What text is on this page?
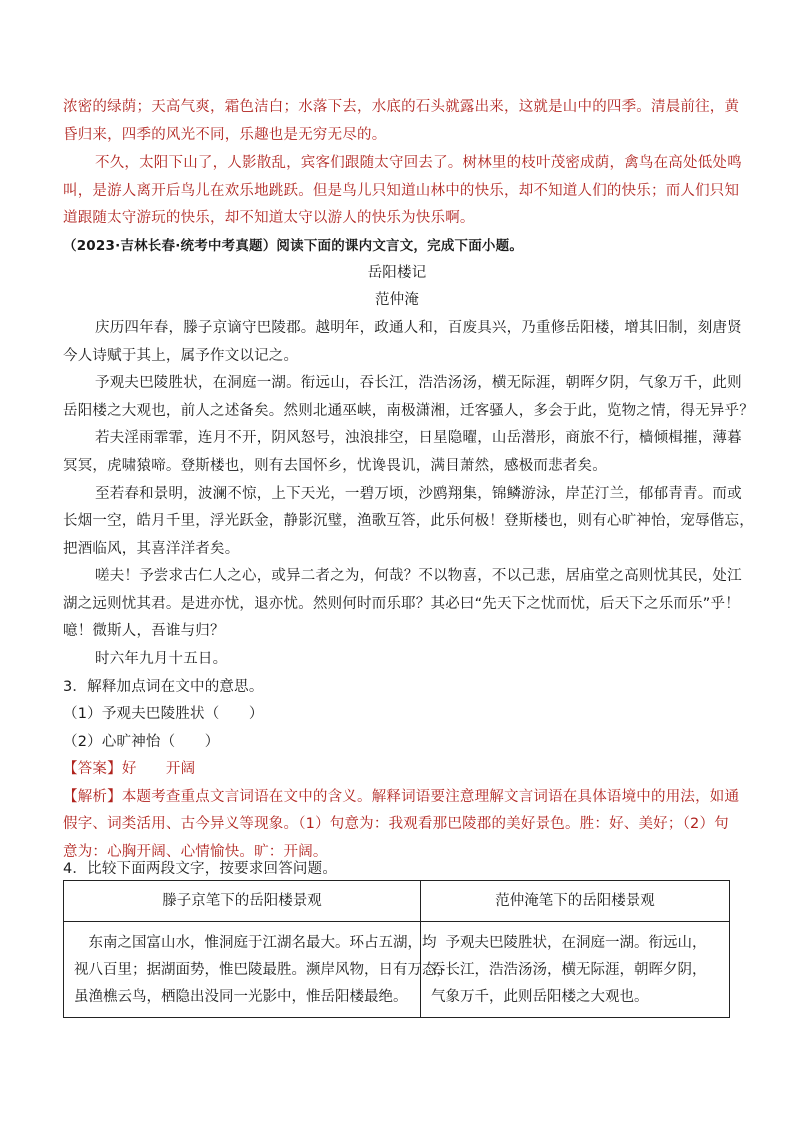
浓密的绿荫；天高气爽，霜色洁白；水落下去，水底的石头就露出来，这就是山中的四季。清晨前往，黄
昏归来，四季的风光不同，乐趣也是无穷无尽的。
不久，太阳下山了，人影散乱，宾客们跟随太守回去了。树林里的枝叶茂密成荫，禽鸟在高处低处鸣
叫，是游人离开后鸟儿在欢乐地跳跃。但是鸟儿只知道山林中的快乐，却不知道人们的快乐；而人们只知
道跟随太守游玩的快乐，却不知道太守以游人的快乐为快乐啊。
（2023·吉林长春·统考中考真题）阅读下面的课内文言文，完成下面小题。
岳阳楼记
范仲淹
庆历四年春，滕子京谪守巴陵郡。越明年，政通人和，百废具兴，乃重修岳阳楼，增其旧制，刻唐贤
今人诗赋于其上，属予作文以记之。
予观夫巴陵胜状，在洞庭一湖。衔远山，吞长江，浩浩汤汤，横无际涯，朝晖夕阴，气象万千，此则
岳阳楼之大观也，前人之述备矣。然则北通巫峡，南极潇湘，迁客骚人，多会于此，览物之情，得无异乎？
若夫淫雨霏霏，连月不开，阴风怒号，浊浪排空，日星隐曜，山岳潜形，商旅不行，樯倾楫摧，薄暮
冥冥，虎啸猿啼。登斯楼也，则有去国怀乡，忧谗畏讥，满目萧然，感极而悲者矣。
至若春和景明，波澜不惊，上下天光，一碧万顷，沙鸥翔集，锦鳞游泳，岸芷汀兰，郁郁青青。而或
长烟一空，皓月千里，浮光跃金，静影沉璧，渔歌互答，此乐何极！登斯楼也，则有心旷神怡，宠辱偕忘，
把酒临风，其喜洋洋者矣。
嗟夫！予尝求古仁人之心，或异二者之为，何哉？不以物喜，不以己悲，居庙堂之高则忧其民，处江
湖之远则忧其君。是进亦忧，退亦忧。然则何时而乐耶？其必曰“先天下之忧而忧，后天下之乐而乐”乎！
噫！微斯人，吾谁与归？
时六年九月十五日。
3．解释加点词在文中的意思。
（1）予观夫巴陵胜状（　　）
（2）心旷神怡（　　）
【答案】好　　开阔
【解析】本题考查重点文言词语在文中的含义。解释词语要注意理解文言词语在具体语境中的用法，如通
假字、词类活用、古今异义等现象。（1）句意为：我观看那巴陵郡的美好景色。胜：好、美好；（2）句
意为：心胸开阔、心情愉快。旷：开阔。
4．比较下面两段文字，按要求回答问题。
滕子京笔下的岳阳楼景观	范仲淹笔下的岳阳楼景观

　东南之国富山水，惟洞庭于江湖名最大。环占五湖，均
视八百里；据湖面势，惟巴陵最胜。濒岸风物，日有万态，
虽渔樵云鸟，栖隐出没同一光影中，惟岳阳楼最绝。	　予观夫巴陵胜状，在洞庭一湖。衔远山，
吞长江，浩浩汤汤，横无际涯，朝晖夕阴，
气象万千，此则岳阳楼之大观也。
